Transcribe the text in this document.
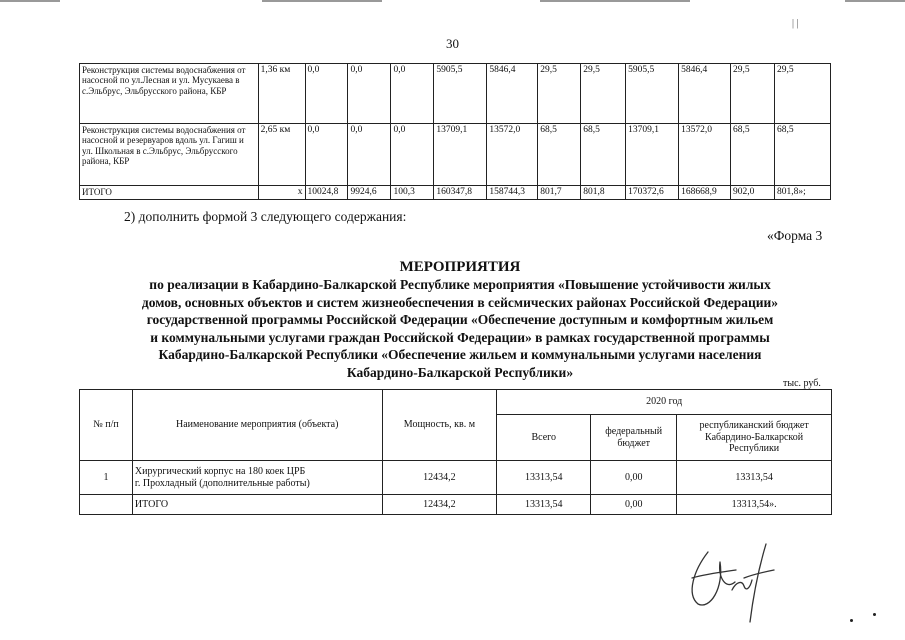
| |
30
Реконструкция системы водоснабжения от насосной по ул.Лесная и ул. Мусукаева в с.Эльбрус, Эльбрусского района, КБР	1,36 км	0,0	0,0	0,0	5905,5	5846,4	29,5	29,5	5905,5	5846,4	29,5	29,5
Реконструкция системы водоснабжения от насосной и резервуаров вдоль ул. Гагиш и ул. Школьная в с.Эльбрус, Эльбрусского района, КБР	2,65 км	0,0	0,0	0,0	13709,1	13572,0	68,5	68,5	13709,1	13572,0	68,5	68,5
ИТОГО	х	10024,8	9924,6	100,3	160347,8	158744,3	801,7	801,8	170372,6	168668,9	902,0	801,8»;
2) дополнить формой 3 следующего содержания:
«Форма 3
МЕРОПРИЯТИЯ
по реализации в Кабардино-Балкарской Республике мероприятия «Повышение устойчивости жилых
домов, основных объектов и систем жизнеобеспечения в сейсмических районах Российской Федерации»
государственной программы Российской Федерации «Обеспечение доступным и комфортным жильем
и коммунальными услугами граждан Российской Федерации» в рамках государственной программы
Кабардино-Балкарской Республики «Обеспечение жильем и коммунальными услугами населения
Кабардино-Балкарской Республики»
тыс. руб.
№ п/п	Наименование мероприятия (объекта)	Мощность, кв. м	2020 год		
			Всего	федеральный бюджет	республиканский бюджет Кабардино-Балкарской Республики
1	Хирургический корпус на 180 коек ЦРБ
г. Прохладный (дополнительные работы)	12434,2	13313,54	0,00	13313,54
	ИТОГО	12434,2	13313,54	0,00	13313,54».
